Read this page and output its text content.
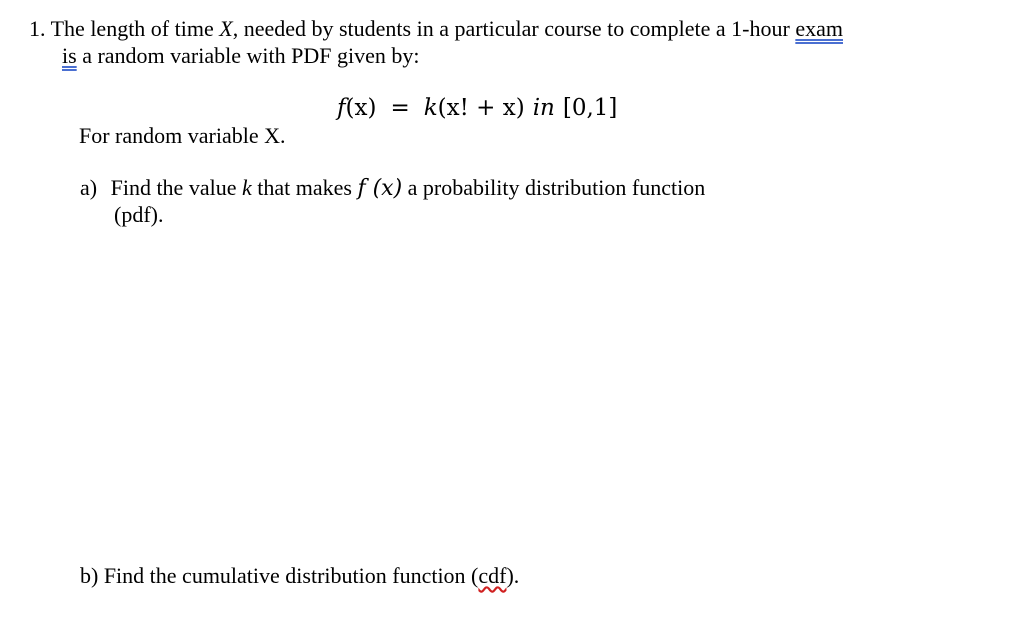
1. The length of time X, needed by students in a particular course to complete a 1-hour exam
is a random variable with PDF given by:
f(x) = k(x! + x) in [0,1]
For random variable X.
a) Find the value k that makes f (x) a probability distribution function
(pdf).
b) Find the cumulative distribution function (cdf).
